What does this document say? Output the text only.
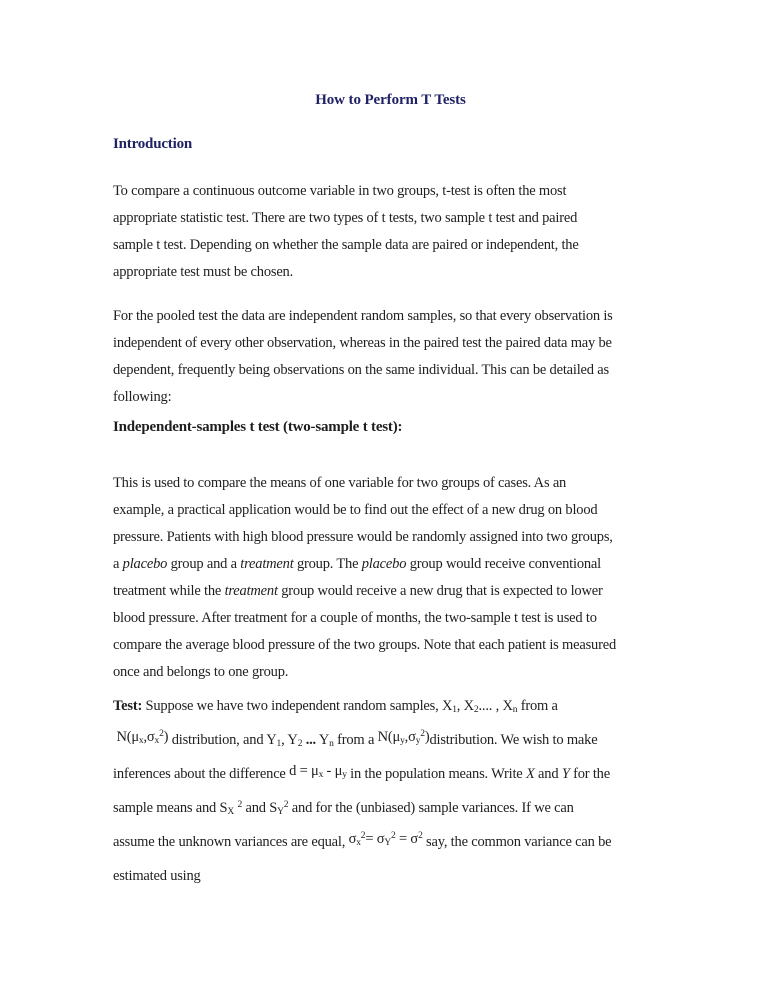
How to Perform T Tests
Introduction
To compare a continuous outcome variable in two groups, t-test is often the most
appropriate statistic test. There are two types of t tests, two sample t test and paired
sample t test. Depending on whether the sample data are paired or independent, the
appropriate test must be chosen.
For the pooled test the data are independent random samples, so that every observation is
independent of every other observation, whereas in the paired test the paired data may be
dependent, frequently being observations on the same individual. This can be detailed as
following:
Independent-samples t test (two-sample t test):
This is used to compare the means of one variable for two groups of cases. As an
example, a practical application would be to find out the effect of a new drug on blood
pressure. Patients with high blood pressure would be randomly assigned into two groups,
a placebo group and a treatment group. The placebo group would receive conventional
treatment while the treatment group would receive a new drug that is expected to lower
blood pressure. After treatment for a couple of months, the two-sample t test is used to
compare the average blood pressure of the two groups. Note that each patient is measured
once and belongs to one group.
Test: Suppose we have two independent random samples, X1, X2.... , Xn from a
$N(\mu x,\sigma x^2)$ distribution, and Y1, Y2 ... Yn from a $N(\mu y,\sigma y^2)distribution$. We wish to make
inferences about the difference d = μx - μy in the population means. Write X and Y for the
sample means and SX $^2$ and $SY^2$ and for the (unbiased) sample variances. If we can
assume the unknown variances are equal, $\sigma x^2= \sigma Y^2 = \sigma^2$ say, the common variance can be
estimated using
